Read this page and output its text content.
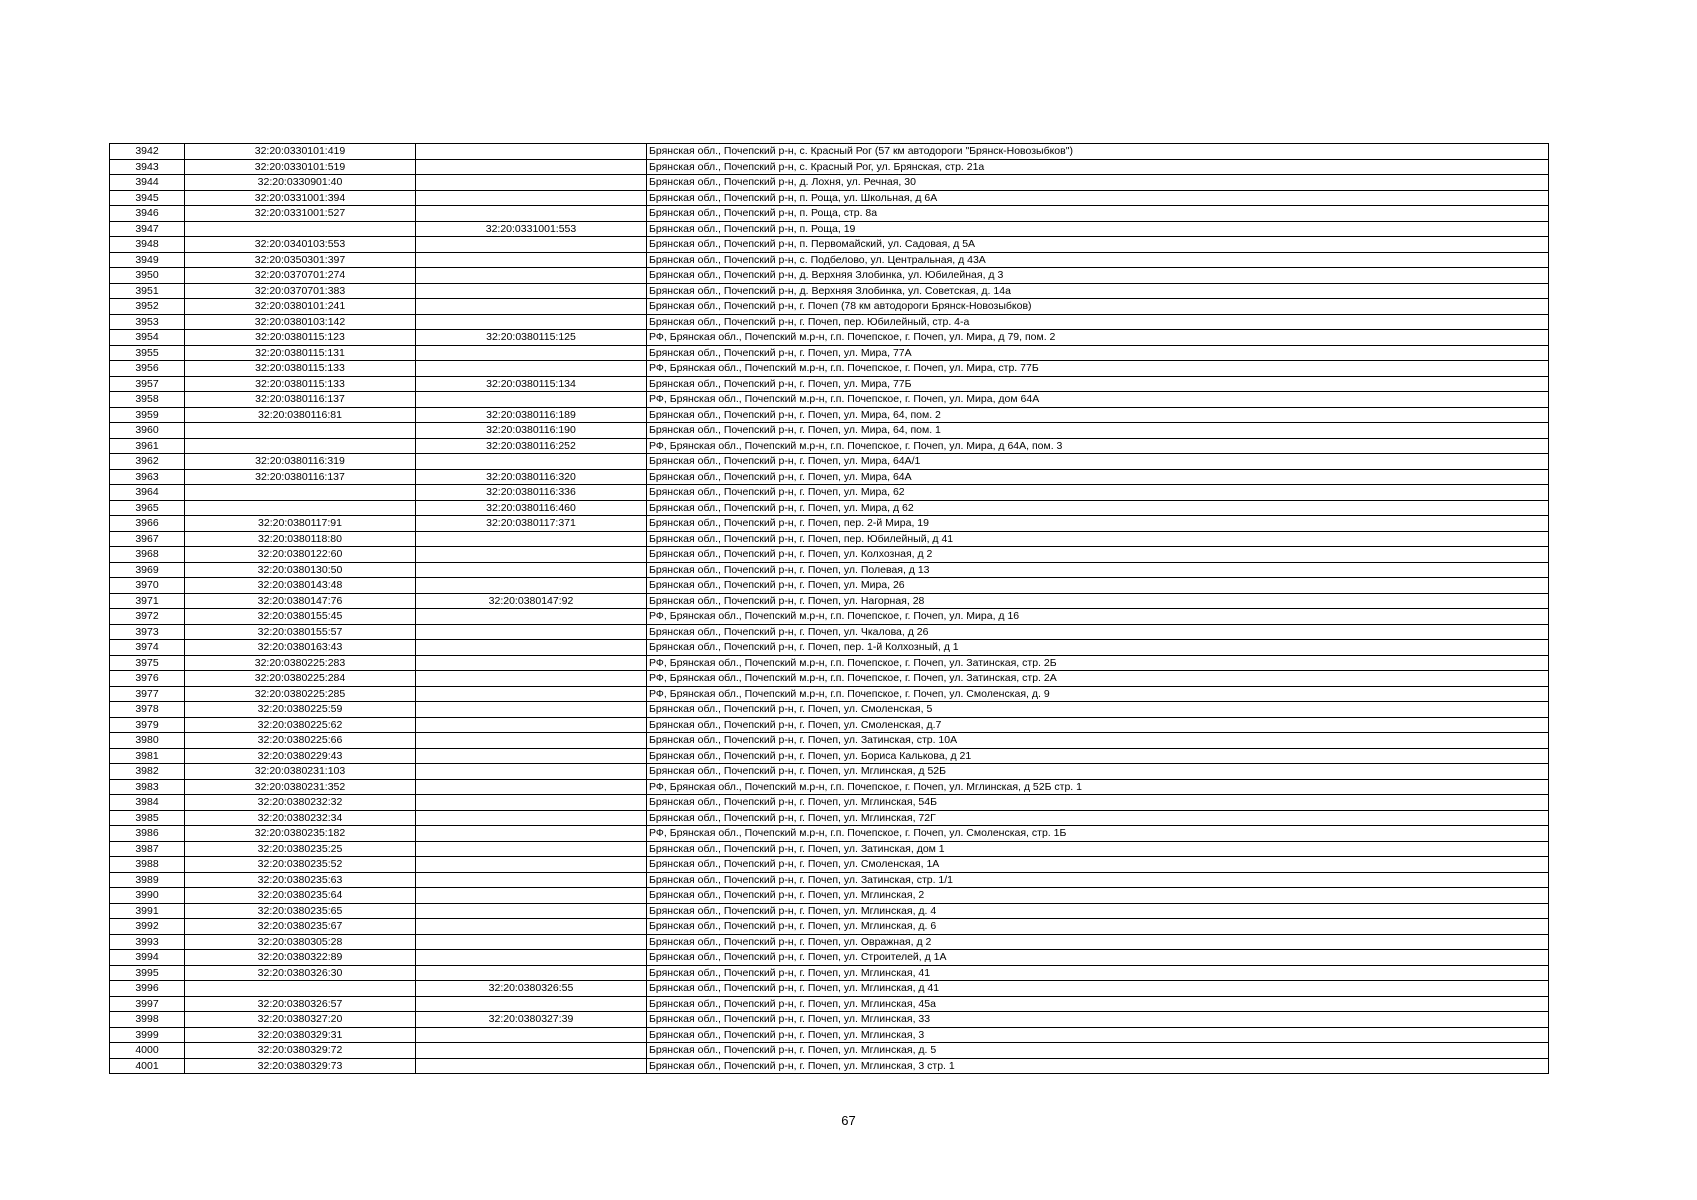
3942	32:20:0330101:419		Брянская обл., Почепский р-н, с. Красный Рог (57 км автодороги "Брянск-Новозыбков")
3943	32:20:0330101:519		Брянская обл., Почепский р-н, с. Красный Рог, ул. Брянская, стр. 21а
3944	32:20:0330901:40		Брянская обл., Почепский р-н, д. Лохня, ул. Речная, 30
3945	32:20:0331001:394		Брянская обл., Почепский р-н, п. Роща, ул. Школьная, д 6А
3946	32:20:0331001:527		Брянская обл., Почепский р-н, п. Роща, стр. 8а
3947		32:20:0331001:553	Брянская обл., Почепский р-н, п. Роща, 19
3948	32:20:0340103:553		Брянская обл., Почепский р-н, п. Первомайский, ул. Садовая, д 5А
3949	32:20:0350301:397		Брянская обл., Почепский р-н, с. Подбелово, ул. Центральная, д 43А
3950	32:20:0370701:274		Брянская обл., Почепский р-н, д. Верхняя Злобинка, ул. Юбилейная, д 3
3951	32:20:0370701:383		Брянская обл., Почепский р-н, д. Верхняя Злобинка, ул. Советская, д. 14а
3952	32:20:0380101:241		Брянская обл., Почепский р-н, г. Почеп (78 км автодороги Брянск-Новозыбков)
3953	32:20:0380103:142		Брянская обл., Почепский р-н, г. Почеп, пер. Юбилейный, стр. 4-а
3954	32:20:0380115:123	32:20:0380115:125	РФ, Брянская обл., Почепский м.р-н, г.п. Почепское, г. Почеп, ул. Мира, д 79, пом. 2
3955	32:20:0380115:131		Брянская обл., Почепский р-н, г. Почеп, ул. Мира, 77А
3956	32:20:0380115:133		РФ, Брянская обл., Почепский м.р-н, г.п. Почепское, г. Почеп, ул. Мира, стр. 77Б
3957	32:20:0380115:133	32:20:0380115:134	Брянская обл., Почепский р-н, г. Почеп, ул. Мира, 77Б
3958	32:20:0380116:137		РФ, Брянская обл., Почепский м.р-н, г.п. Почепское, г. Почеп, ул. Мира, дом 64А
3959	32:20:0380116:81	32:20:0380116:189	Брянская обл., Почепский р-н, г. Почеп, ул. Мира, 64, пом. 2
3960		32:20:0380116:190	Брянская обл., Почепский р-н, г. Почеп, ул. Мира, 64, пом. 1
3961		32:20:0380116:252	РФ, Брянская обл., Почепский м.р-н, г.п. Почепское, г. Почеп, ул. Мира, д 64А, пом. 3
3962	32:20:0380116:319		Брянская обл., Почепский р-н, г. Почеп, ул. Мира, 64А/1
3963	32:20:0380116:137	32:20:0380116:320	Брянская обл., Почепский р-н, г. Почеп, ул. Мира, 64А
3964		32:20:0380116:336	Брянская обл., Почепский р-н, г. Почеп, ул. Мира, 62
3965		32:20:0380116:460	Брянская обл., Почепский р-н, г. Почеп, ул. Мира, д 62
3966	32:20:0380117:91	32:20:0380117:371	Брянская обл., Почепский р-н, г. Почеп, пер. 2-й Мира, 19
3967	32:20:0380118:80		Брянская обл., Почепский р-н, г. Почеп, пер. Юбилейный, д 41
3968	32:20:0380122:60		Брянская обл., Почепский р-н, г. Почеп, ул. Колхозная, д 2
3969	32:20:0380130:50		Брянская обл., Почепский р-н, г. Почеп, ул. Полевая, д 13
3970	32:20:0380143:48		Брянская обл., Почепский р-н, г. Почеп, ул. Мира, 26
3971	32:20:0380147:76	32:20:0380147:92	Брянская обл., Почепский р-н, г. Почеп, ул. Нагорная, 28
3972	32:20:0380155:45		РФ, Брянская обл., Почепский м.р-н, г.п. Почепское, г. Почеп, ул. Мира, д 16
3973	32:20:0380155:57		Брянская обл., Почепский р-н, г. Почеп, ул. Чкалова, д 26
3974	32:20:0380163:43		Брянская обл., Почепский р-н, г. Почеп, пер. 1-й Колхозный, д 1
3975	32:20:0380225:283		РФ, Брянская обл., Почепский м.р-н, г.п. Почепское, г. Почеп, ул. Затинская, стр. 2Б
3976	32:20:0380225:284		РФ, Брянская обл., Почепский м.р-н, г.п. Почепское, г. Почеп, ул. Затинская, стр. 2А
3977	32:20:0380225:285		РФ, Брянская обл., Почепский м.р-н, г.п. Почепское, г. Почеп, ул. Смоленская, д. 9
3978	32:20:0380225:59		Брянская обл., Почепский р-н, г. Почеп, ул. Смоленская, 5
3979	32:20:0380225:62		Брянская обл., Почепский р-н, г. Почеп, ул. Смоленская, д.7
3980	32:20:0380225:66		Брянская обл., Почепский р-н, г. Почеп, ул. Затинская, стр. 10А
3981	32:20:0380229:43		Брянская обл., Почепский р-н, г. Почеп, ул. Бориса Калькова, д 21
3982	32:20:0380231:103		Брянская обл., Почепский р-н, г. Почеп, ул. Мглинская, д 52Б
3983	32:20:0380231:352		РФ, Брянская обл., Почепский м.р-н, г.п. Почепское, г. Почеп, ул. Мглинская, д 52Б стр. 1
3984	32:20:0380232:32		Брянская обл., Почепский р-н, г. Почеп, ул. Мглинская, 54Б
3985	32:20:0380232:34		Брянская обл., Почепский р-н, г. Почеп, ул. Мглинская, 72Г
3986	32:20:0380235:182		РФ, Брянская обл., Почепский м.р-н, г.п. Почепское, г. Почеп, ул. Смоленская, стр. 1Б
3987	32:20:0380235:25		Брянская обл., Почепский р-н, г. Почеп, ул. Затинская, дом 1
3988	32:20:0380235:52		Брянская обл., Почепский р-н, г. Почеп, ул. Смоленская, 1А
3989	32:20:0380235:63		Брянская обл., Почепский р-н, г. Почеп, ул. Затинская, стр. 1/1
3990	32:20:0380235:64		Брянская обл., Почепский р-н, г. Почеп, ул. Мглинская, 2
3991	32:20:0380235:65		Брянская обл., Почепский р-н, г. Почеп, ул. Мглинская, д. 4
3992	32:20:0380235:67		Брянская обл., Почепский р-н, г. Почеп, ул. Мглинская, д. 6
3993	32:20:0380305:28		Брянская обл., Почепский р-н, г. Почеп, ул. Овражная, д 2
3994	32:20:0380322:89		Брянская обл., Почепский р-н, г. Почеп, ул. Строителей, д 1А
3995	32:20:0380326:30		Брянская обл., Почепский р-н, г. Почеп, ул. Мглинская, 41
3996		32:20:0380326:55	Брянская обл., Почепский р-н, г. Почеп, ул. Мглинская, д 41
3997	32:20:0380326:57		Брянская обл., Почепский р-н, г. Почеп, ул. Мглинская, 45а
3998	32:20:0380327:20	32:20:0380327:39	Брянская обл., Почепский р-н, г. Почеп, ул. Мглинская, 33
3999	32:20:0380329:31		Брянская обл., Почепский р-н, г. Почеп, ул. Мглинская, 3
4000	32:20:0380329:72		Брянская обл., Почепский р-н, г. Почеп, ул. Мглинская, д. 5
4001	32:20:0380329:73		Брянская обл., Почепский р-н, г. Почеп, ул. Мглинская, 3 стр. 1
67
